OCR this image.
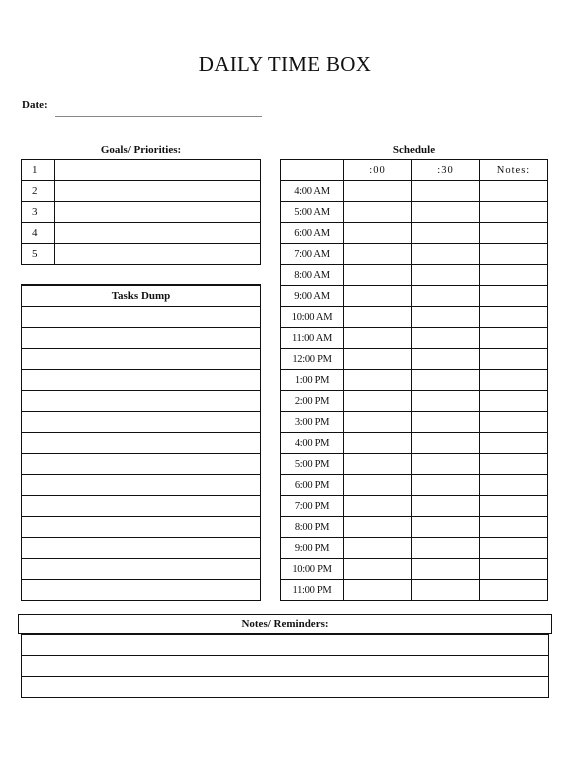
DAILY TIME BOX
Date:
Goals/ Priorities:
1	
2	
3	
4	
5	
Tasks Dump

Schedule
	:00	:30	Notes:
4:00 AM			
5:00 AM			
6:00 AM			
7:00 AM			
8:00 AM			
9:00 AM			
10:00 AM			
11:00 AM			
12:00 PM			
1:00 PM			
2:00 PM			
3:00 PM			
4:00 PM			
5:00 PM			
6:00 PM			
7:00 PM			
8:00 PM			
9:00 PM			
10:00 PM			
11:00 PM			
Notes/ Reminders:
